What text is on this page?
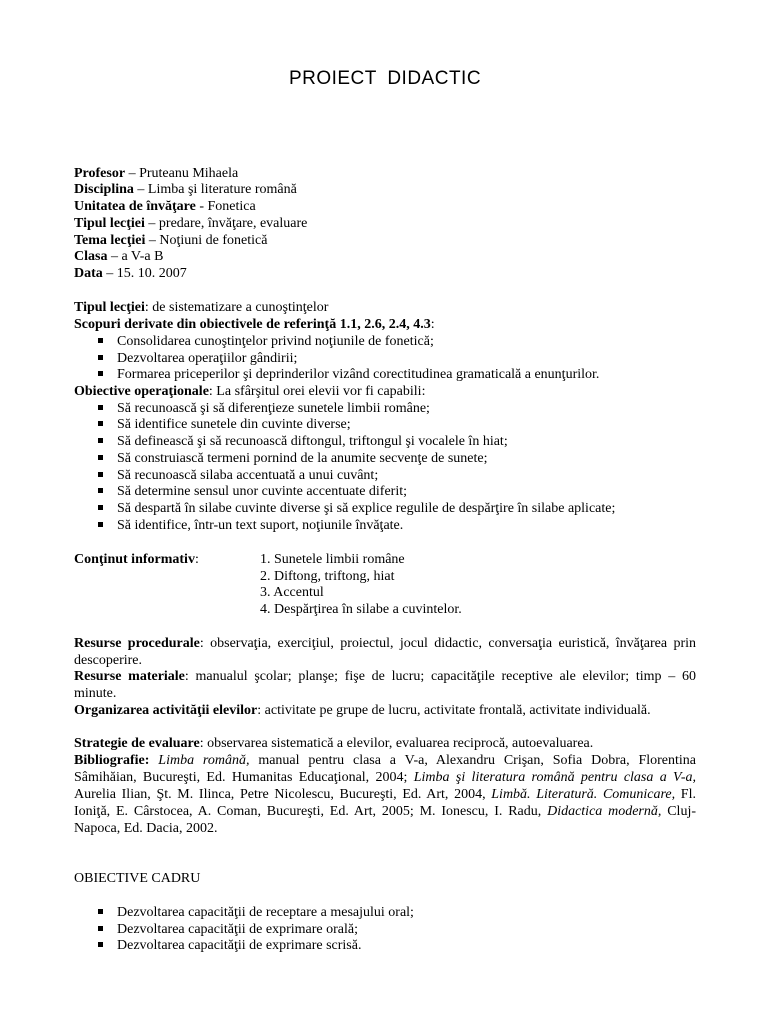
PROIECT DIDACTIC
Profesor – Pruteanu Mihaela
Disciplina – Limba şi literature română
Unitatea de învăţare - Fonetica
Tipul lecţiei – predare, învăţare, evaluare
Tema lecţiei – Noţiuni de fonetică
Clasa – a V-a B
Data – 15. 10. 2007
Tipul lecţiei: de sistematizare a cunoştinţelor
Scopuri derivate din obiectivele de referinţă 1.1, 2.6, 2.4, 4.3:
Consolidarea cunoştinţelor privind noţiunile de fonetică;
Dezvoltarea operaţiilor gândirii;
Formarea priceperilor şi deprinderilor vizând corectitudinea gramaticală a enunţurilor.
Obiective operaţionale: La sfârşitul orei elevii vor fi capabili:
Să recunoască şi să diferenţieze sunetele limbii române;
Să identifice sunetele din cuvinte diverse;
Să definească şi să recunoască diftongul, triftongul şi vocalele în hiat;
Să construiască termeni pornind de la anumite secvenţe de sunete;
Să recunoască silaba accentuată a unui cuvânt;
Să determine sensul unor cuvinte accentuate diferit;
Să despartă în silabe cuvinte diverse şi să explice regulile de despărţire în silabe aplicate;
Să identifice, într-un text suport, noţiunile învăţate.
Conţinut informativ:	1. Sunetele limbii române
2. Diftong, triftong, hiat
3. Accentul
4. Despărţirea în silabe a cuvintelor.
Resurse procedurale: observaţia, exerciţiul, proiectul, jocul didactic, conversaţia euristică, învăţarea prin descoperire.
Resurse materiale: manualul şcolar; planşe; fişe de lucru; capacităţile receptive ale elevilor; timp – 60 minute.
Organizarea activităţii elevilor: activitate pe grupe de lucru, activitate frontală, activitate individuală.
Strategie de evaluare: observarea sistematică a elevilor, evaluarea reciprocă, autoevaluarea.
Bibliografie: Limba română, manual pentru clasa a V-a, Alexandru Crişan, Sofia Dobra, Florentina Sâmihăian, Bucureşti, Ed. Humanitas Educaţional, 2004; Limba şi literatura română pentru clasa a V-a, Aurelia Ilian, Şt. M. Ilinca, Petre Nicolescu, Bucureşti, Ed. Art, 2004, Limbă. Literatură. Comunicare, Fl. Ioniţă, E. Cârstocea, A. Coman, Bucureşti, Ed. Art, 2005; M. Ionescu, I. Radu, Didactica modernă, Cluj- Napoca, Ed. Dacia, 2002.
OBIECTIVE CADRU
Dezvoltarea capacităţii de receptare a mesajului oral;
Dezvoltarea capacităţii de exprimare orală;
Dezvoltarea capacităţii de exprimare scrisă.
